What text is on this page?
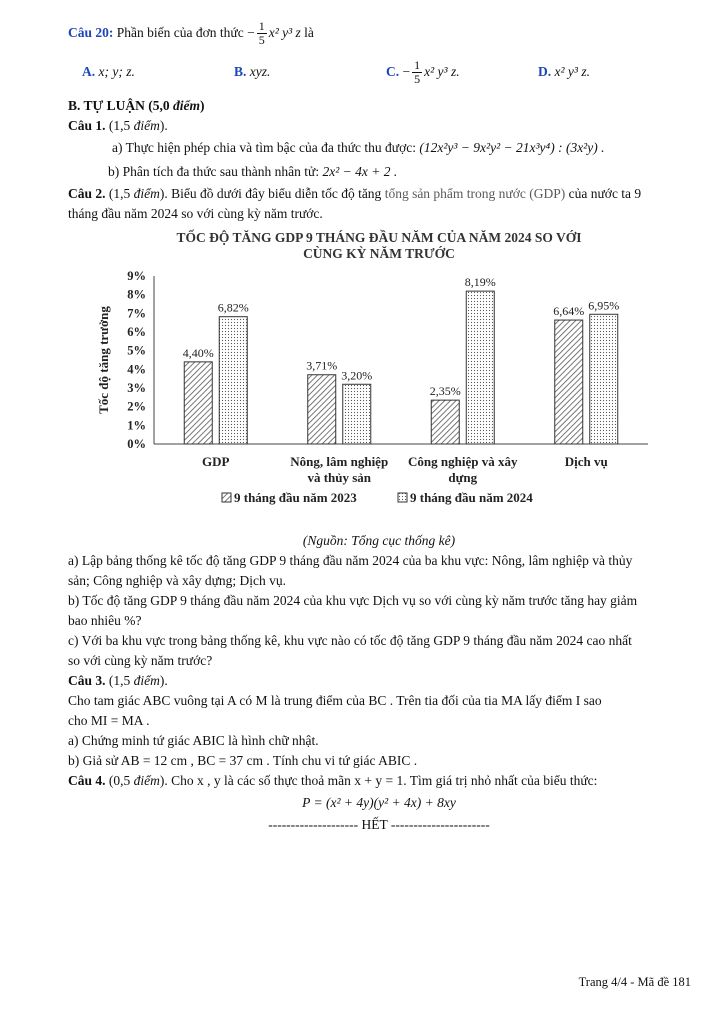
Câu 20:
Phần biến của đơn thức
− $\frac{1}{5} x^2$ y³ z
là
A. x; y; z.	B. xyz.	C.
− $\frac{1}{5} x^2$ y³ z.	D. x² y³ z.
B. TỰ LUẬN (5,0 điểm)
Câu 1. (1,5 điểm).
a) Thực hiện phép chia và tìm bậc của đa thức thu được: (12x²y³ − 9x²y² − 21x³y⁴) : (3x²y) .
b) Phân tích đa thức sau thành nhân tử: 2x² − 4x + 2 .
Câu 2. (1,5 điểm). Biểu đồ dưới đây biểu diễn tốc độ tăng tổng sản phẩm trong nước (GDP) của nước ta 9
tháng đầu năm 2024 so với cùng kỳ năm trước.
TỐC ĐỘ TĂNG GDP 9 THÁNG ĐẦU NĂM CỦA NĂM 2024 SO VỚI
CÙNG KỲ NĂM TRƯỚC
Tốc độ tăng trưởng
0%
1%
2%
3%
4%
5%
6%
7%
8%
9%
4,40%
6,82%
GDP
3,71%
3,20%
Nông, lâm nghiệp
và thủy sản
2,35%
8,19%
Công nghiệp và xây
dựng
6,64% 6,95%
Dịch vụ
9 tháng đầu năm 2023	9 tháng đầu năm 2024
(Nguồn: Tổng cục thống kê)
a) Lập bảng thống kê tốc độ tăng GDP 9 tháng đầu năm 2024 của ba khu vực: Nông, lâm nghiệp và thủy
sản; Công nghiệp và xây dựng; Dịch vụ.
b) Tốc độ tăng GDP 9 tháng đầu năm 2024 của khu vực Dịch vụ so với cùng kỳ năm trước tăng hay giảm
bao nhiêu %?
c) Với ba khu vực trong bảng thống kê, khu vực nào có tốc độ tăng GDP 9 tháng đầu năm 2024 cao nhất
so với cùng kỳ năm trước?
Câu 3. (1,5 điểm).
Cho tam giác ABC vuông tại A có M là trung điểm của BC . Trên tia đối của tia MA lấy điểm I sao
cho MI = MA .
a) Chứng minh tứ giác ABIC là hình chữ nhật.
b) Giả sử AB = 12 cm , BC = 37 cm . Tính chu vi tứ giác ABIC .
Câu 4. (0,5 điểm). Cho x , y là các số thực thoả mãn x + y = 1. Tìm giá trị nhỏ nhất của biểu thức:
P = (x² + 4y)(y² + 4x) + 8xy
-------------------- HẾT ----------------------
Trang 4/4 - Mã đề 181
